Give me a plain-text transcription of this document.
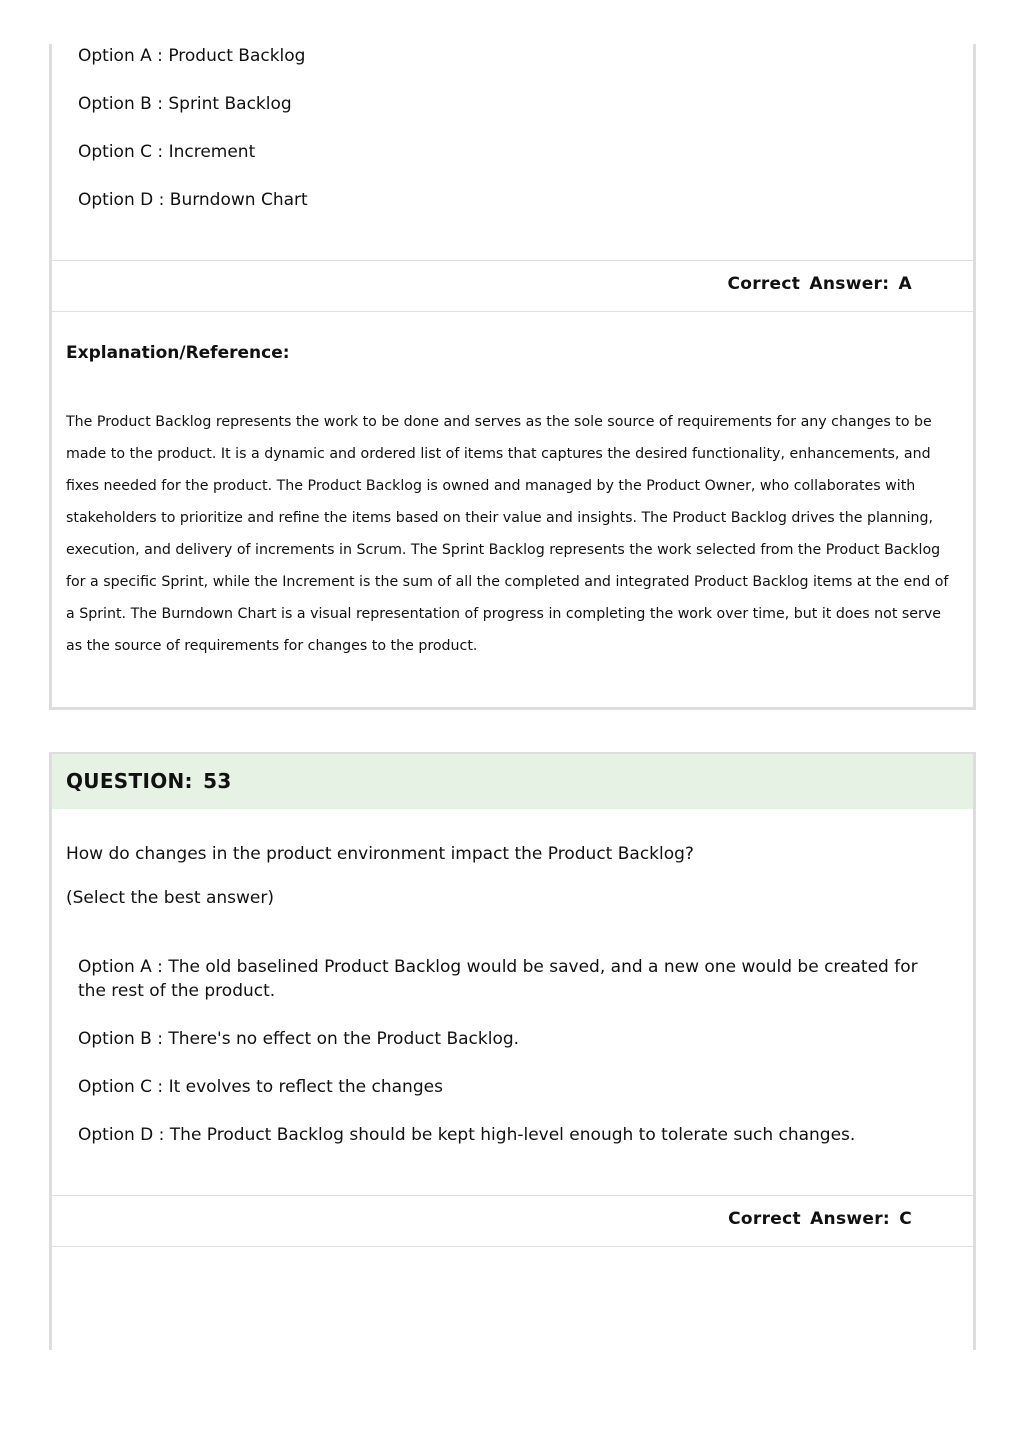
Option A : Product Backlog

Option B : Sprint Backlog

Option C : Increment

Option D : Burndown Chart

Correct Answer: A

Explanation/Reference:

The Product Backlog represents the work to be done and serves as the sole source of requirements for any changes to be made to the product. It is a dynamic and ordered list of items that captures the desired functionality, enhancements, and fixes needed for the product. The Product Backlog is owned and managed by the Product Owner, who collaborates with stakeholders to prioritize and refine the items based on their value and insights. The Product Backlog drives the planning, execution, and delivery of increments in Scrum. The Sprint Backlog represents the work selected from the Product Backlog for a specific Sprint, while the Increment is the sum of all the completed and integrated Product Backlog items at the end of a Sprint. The Burndown Chart is a visual representation of progress in completing the work over time, but it does not serve as the source of requirements for changes to the product.

QUESTION: 53

How do changes in the product environment impact the Product Backlog?

(Select the best answer)

Option A : The old baselined Product Backlog would be saved, and a new one would be created for the rest of the product.

Option B : There's no effect on the Product Backlog.

Option C : It evolves to reflect the changes

Option D : The Product Backlog should be kept high-level enough to tolerate such changes.

Correct Answer: C
